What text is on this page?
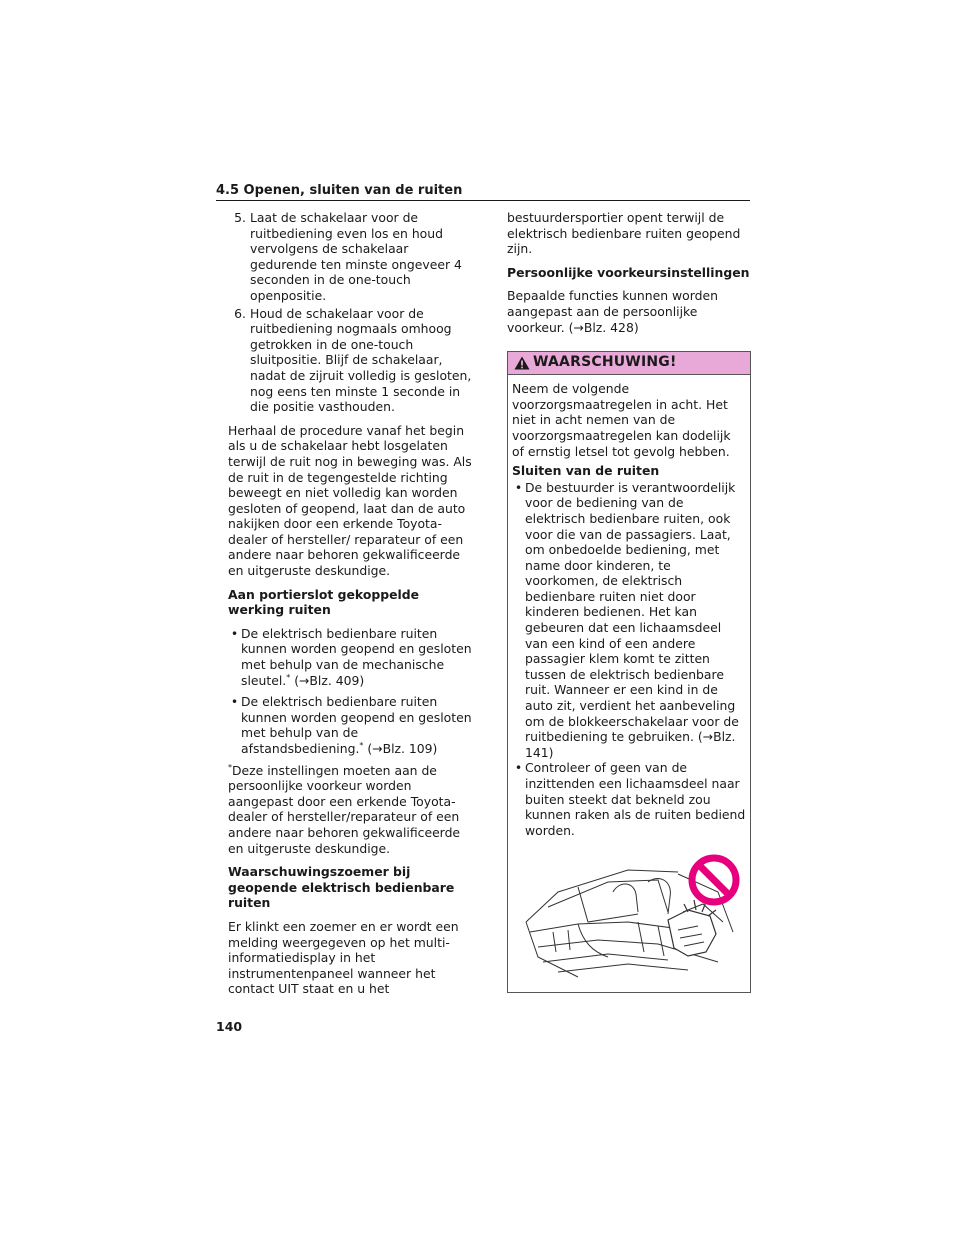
4.5 Openen, sluiten van de ruiten
5. Laat de schakelaar voor de ruitbediening even los en houd vervolgens de schakelaar gedurende ten minste ongeveer 4 seconden in de one-touch openpositie.
6. Houd de schakelaar voor de ruitbediening nogmaals omhoog getrokken in de one-touch sluitpositie. Blijf de schakelaar, nadat de zijruit volledig is gesloten, nog eens ten minste 1 seconde in die positie vasthouden.

Herhaal de procedure vanaf het begin als u de schakelaar hebt losgelaten terwijl de ruit nog in beweging was. Als de ruit in de tegengestelde richting beweegt en niet volledig kan worden gesloten of geopend, laat dan de auto nakijken door een erkende Toyota-dealer of hersteller/ reparateur of een andere naar behoren gekwalificeerde en uitgeruste deskundige.

Aan portierslot gekoppelde werking ruiten
• De elektrisch bedienbare ruiten kunnen worden geopend en gesloten met behulp van de mechanische sleutel.* (→Blz. 409)
• De elektrisch bedienbare ruiten kunnen worden geopend en gesloten met behulp van de afstandsbediening.* (→Blz. 109)

*Deze instellingen moeten aan de persoonlijke voorkeur worden aangepast door een erkende Toyota-dealer of hersteller/reparateur of een andere naar behoren gekwalificeerde en uitgeruste deskundige.

Waarschuwingszoemer bij geopende elektrisch bedienbare ruiten

Er klinkt een zoemer en er wordt een melding weergegeven op het multi-informatiedisplay in het instrumentenpaneel wanneer het contact UIT staat en u het

bestuurdersportier opent terwijl de elektrisch bedienbare ruiten geopend zijn.

Persoonlijke voorkeursinstellingen

Bepaalde functies kunnen worden aangepast aan de persoonlijke voorkeur. (→Blz. 428)

WAARSCHUWING!

Neem de volgende voorzorgsmaatregelen in acht. Het niet in acht nemen van de voorzorgsmaatregelen kan dodelijk of ernstig letsel tot gevolg hebben.

Sluiten van de ruiten
• De bestuurder is verantwoordelijk voor de bediening van de elektrisch bedienbare ruiten, ook voor die van de passagiers. Laat, om onbedoelde bediening, met name door kinderen, te voorkomen, de elektrisch bedienbare ruiten niet door kinderen bedienen. Het kan gebeuren dat een lichaamsdeel van een kind of een andere passagier klem komt te zitten tussen de elektrisch bedienbare ruit. Wanneer er een kind in de auto zit, verdient het aanbeveling om de blokkeerschakelaar voor de ruitbediening te gebruiken. (→Blz. 141)
• Controleer of geen van de inzittenden een lichaamsdeel naar buiten steekt dat bekneld zou kunnen raken als de ruiten bediend worden.
140
